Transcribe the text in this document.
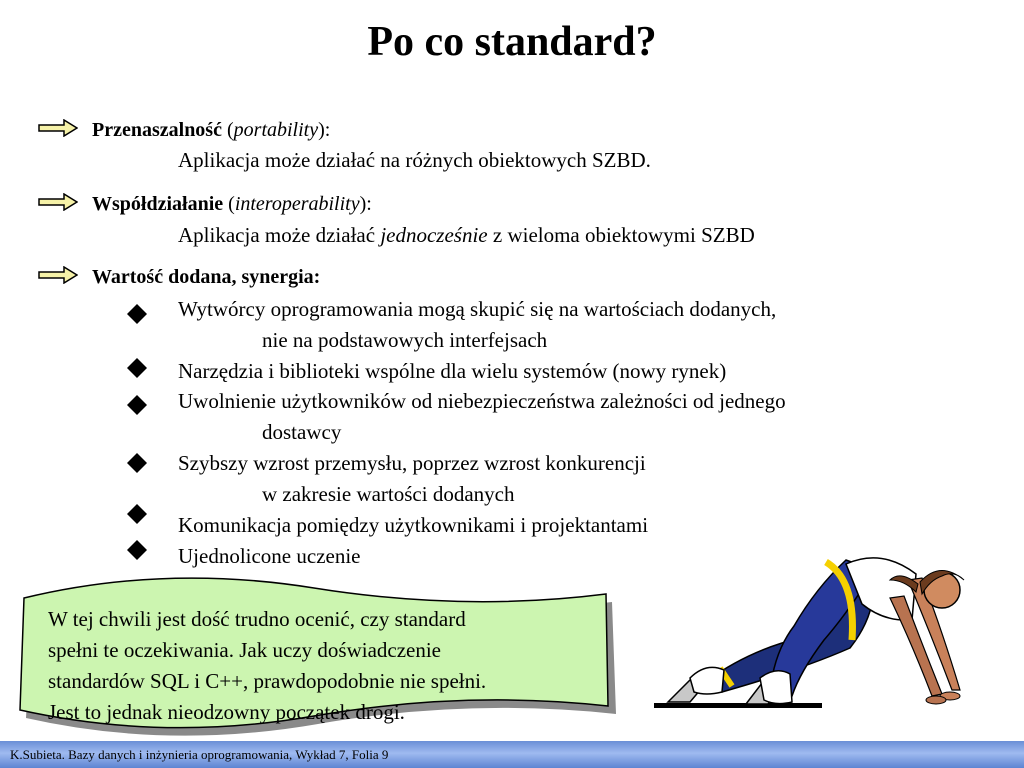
Po co standard?
Przenaszalność (portability):
Aplikacja może działać na różnych obiektowych SZBD.
Współdziałanie (interoperability):
Aplikacja może działać jednocześnie z wieloma obiektowymi SZBD
Wartość dodana, synergia:
Wytwórcy oprogramowania mogą skupić się na wartościach dodanych,
nie na podstawowych interfejsach
Narzędzia i biblioteki wspólne dla wielu systemów (nowy rynek)
Uwolnienie użytkowników od niebezpieczeństwa zależności od jednego
dostawcy
Szybszy wzrost przemysłu, poprzez wzrost konkurencji
w zakresie wartości dodanych
Komunikacja pomiędzy użytkownikami i projektantami
Ujednolicone uczenie
W tej chwili jest dość trudno ocenić, czy standard
spełni te oczekiwania. Jak uczy doświadczenie
standardów SQL i C++, prawdopodobnie nie spełni.
Jest to jednak nieodzowny początek drogi.
K.Subieta. Bazy danych i inżynieria oprogramowania, Wykład 7, Folia 9
